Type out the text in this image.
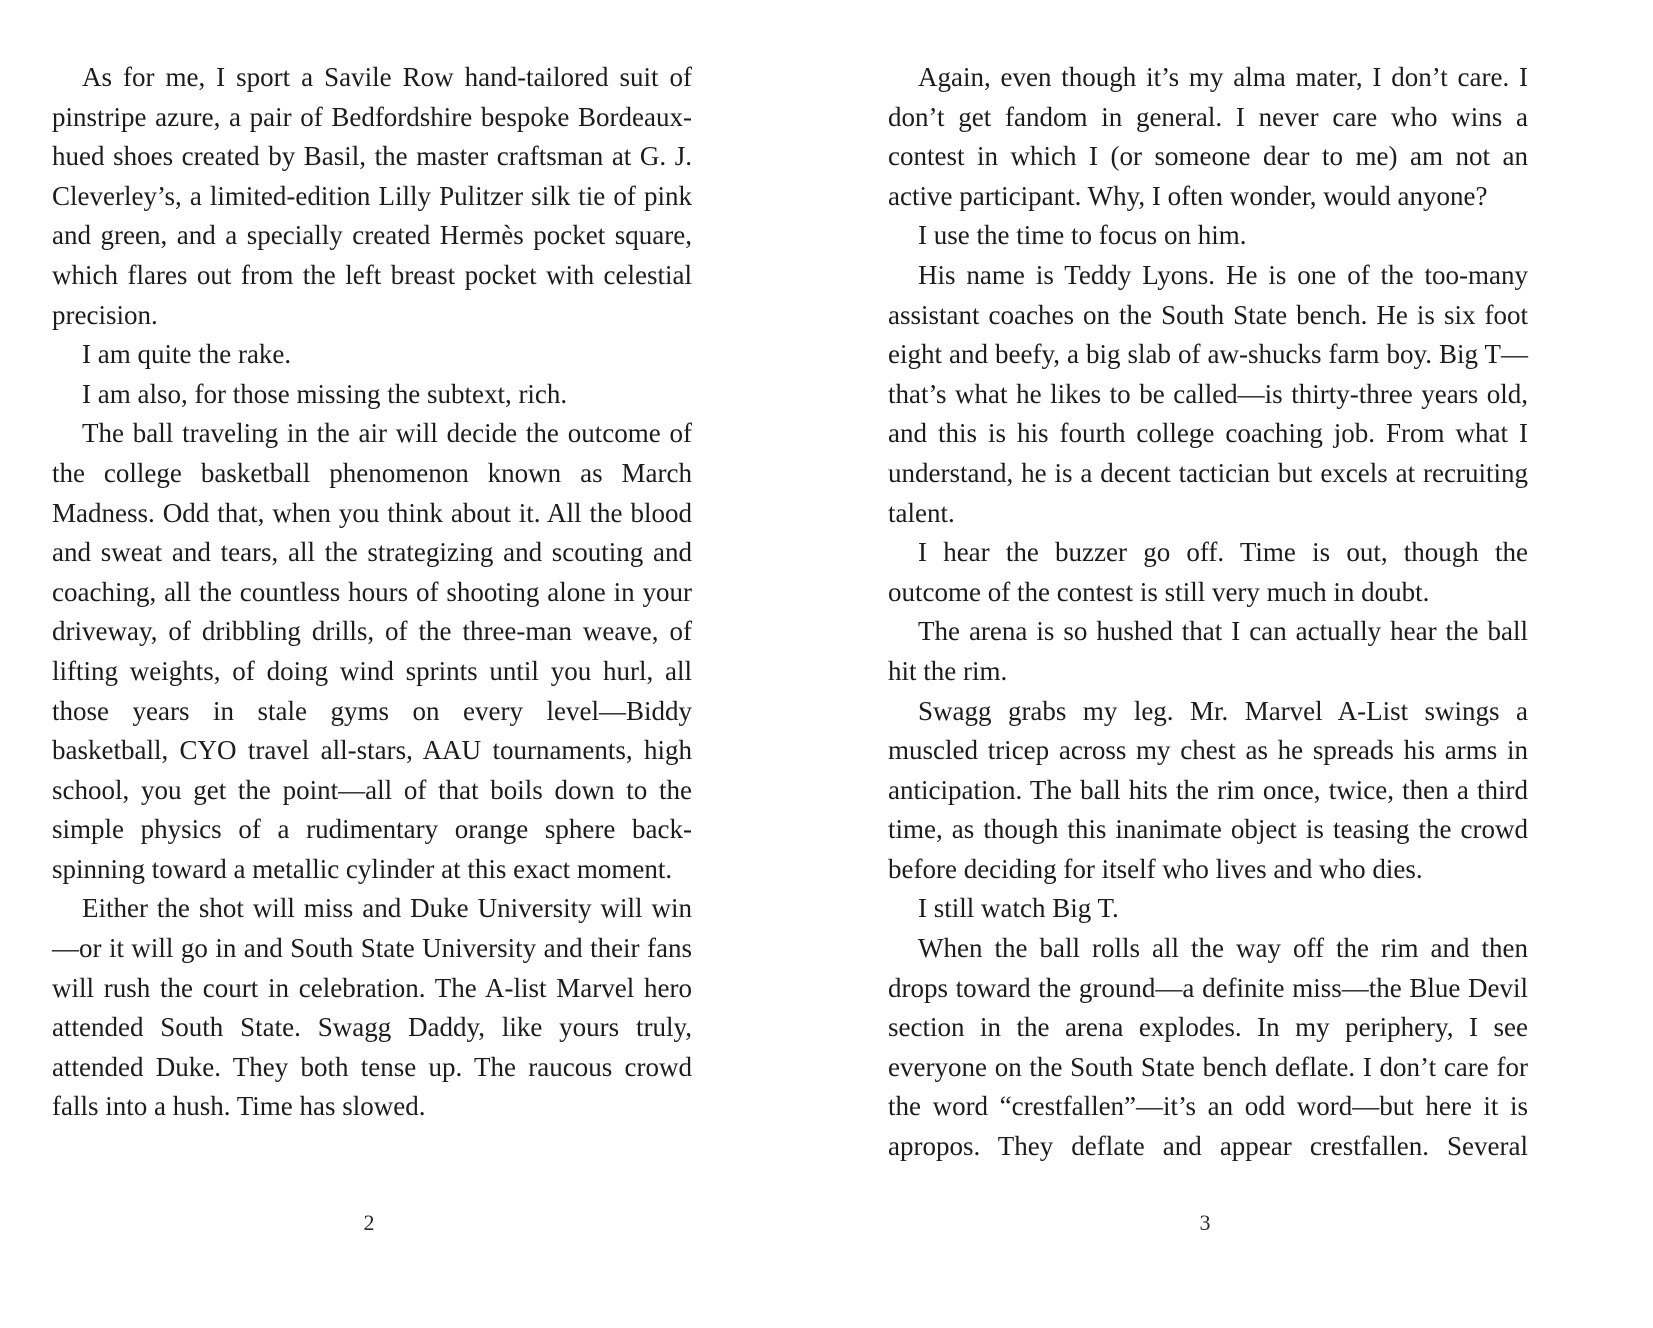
As for me, I sport a Savile Row hand-tailored suit of pinstripe azure, a pair of Bedfordshire bespoke Bordeaux-hued shoes created by Basil, the master craftsman at G. J. Cleverley’s, a limited-edition Lilly Pulitzer silk tie of pink and green, and a specially created Hermès pocket square, which flares out from the left breast pocket with celestial precision.

I am quite the rake.

I am also, for those missing the subtext, rich.

The ball traveling in the air will decide the outcome of the college basketball phenomenon known as March Madness. Odd that, when you think about it. All the blood and sweat and tears, all the strategizing and scouting and coaching, all the countless hours of shooting alone in your driveway, of dribbling drills, of the three-man weave, of lifting weights, of doing wind sprints until you hurl, all those years in stale gyms on every level—Biddy basketball, CYO travel all-stars, AAU tournaments, high school, you get the point—all of that boils down to the simple physics of a rudimentary orange sphere back-spinning toward a metallic cylinder at this exact moment.

Either the shot will miss and Duke University will win—or it will go in and South State University and their fans will rush the court in celebration. The A-list Marvel hero attended South State. Swagg Daddy, like yours truly, attended Duke. They both tense up. The raucous crowd falls into a hush. Time has slowed.

2

Again, even though it’s my alma mater, I don’t care. I don’t get fandom in general. I never care who wins a contest in which I (or someone dear to me) am not an active participant. Why, I often wonder, would anyone?

I use the time to focus on him.

His name is Teddy Lyons. He is one of the too-many assistant coaches on the South State bench. He is six foot eight and beefy, a big slab of aw-shucks farm boy. Big T—that’s what he likes to be called—is thirty-three years old, and this is his fourth college coaching job. From what I understand, he is a decent tactician but excels at recruiting talent.

I hear the buzzer go off. Time is out, though the outcome of the contest is still very much in doubt.

The arena is so hushed that I can actually hear the ball hit the rim.

Swagg grabs my leg. Mr. Marvel A-List swings a muscled tricep across my chest as he spreads his arms in anticipation. The ball hits the rim once, twice, then a third time, as though this inanimate object is teasing the crowd before deciding for itself who lives and who dies.

I still watch Big T.

When the ball rolls all the way off the rim and then drops toward the ground—a definite miss—the Blue Devil section in the arena explodes. In my periphery, I see everyone on the South State bench deflate. I don’t care for the word “crestfallen”—it’s an odd word—but here it is apropos. They deflate and appear crestfallen. Several

3
